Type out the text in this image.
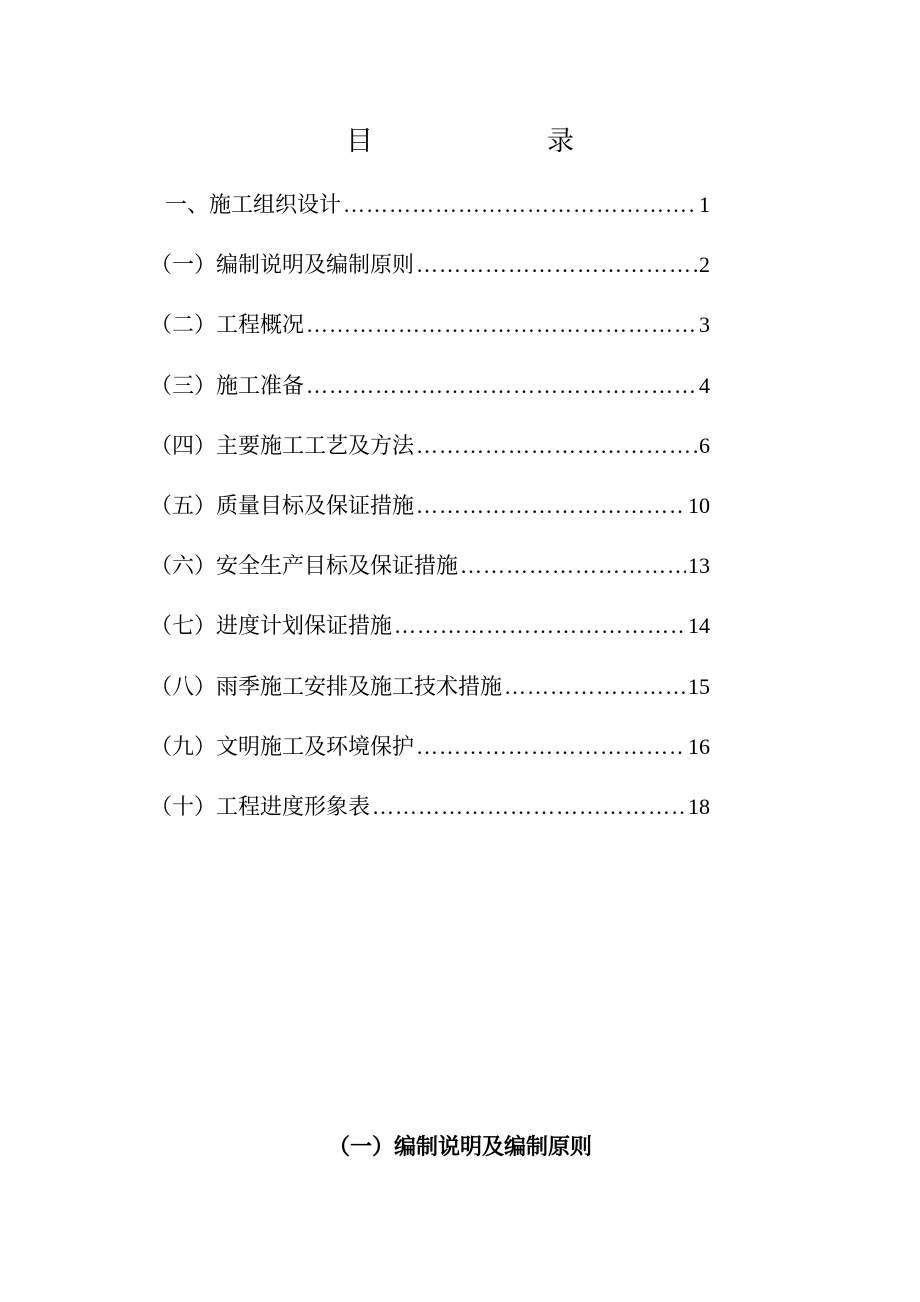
目　　录
一、施工组织设计 ……………………………………………………………………………………………………………………	1
（一）编制说明及编制原则 ……………………………………………………………………………………………………………………	2
（二）工程概况 ……………………………………………………………………………………………………………………	3
（三）施工准备 ……………………………………………………………………………………………………………………	4
（四）主要施工工艺及方法 ……………………………………………………………………………………………………………………	6
（五）质量目标及保证措施 ……………………………………………………………………………………………………………………	10
（六）安全生产目标及保证措施 ……………………………………………………………………………………………………………………	13
（七）进度计划保证措施 ……………………………………………………………………………………………………………………	14
（八）雨季施工安排及施工技术措施 ……………………………………………………………………………………………………………………	15
（九）文明施工及环境保护 ……………………………………………………………………………………………………………………	16
（十）工程进度形象表 ……………………………………………………………………………………………………………………	18
（一）编制说明及编制原则
